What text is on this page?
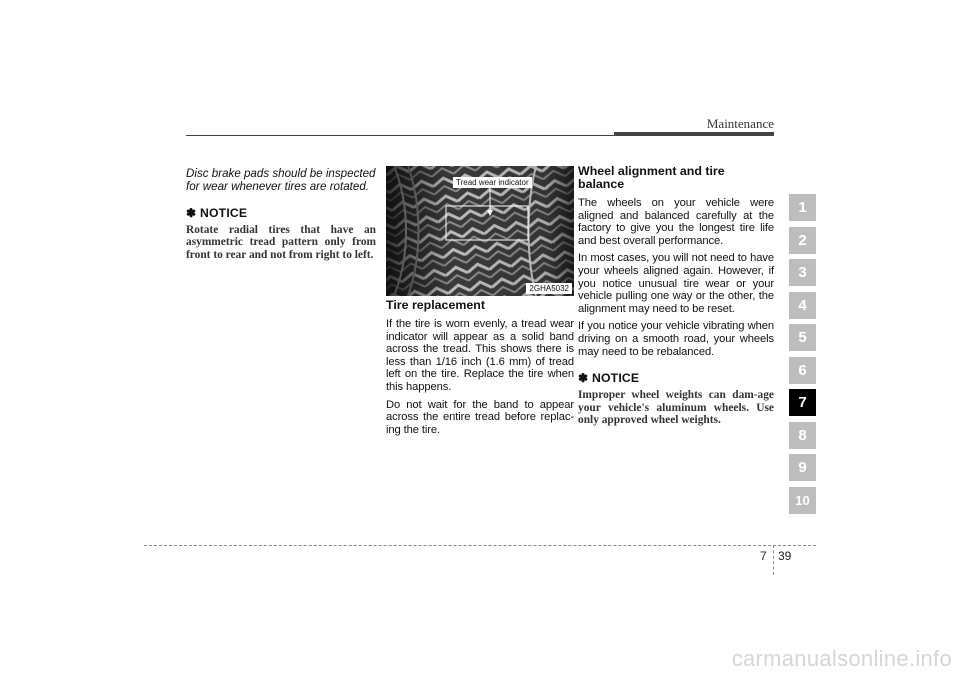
Maintenance

Disc brake pads should be inspected for wear whenever tires are rotated.

✽ NOTICE

Rotate radial tires that have an asymmetric tread pattern only from front to rear and not from right to left.

Tread wear indicator
2GHA5032
Tire replacement

If the tire is worn evenly, a tread wear indicator will appear as a solid band across the tread. This shows there is less than 1/16 inch (1.6 mm) of tread left on the tire. Replace the tire when this happens.

Do not wait for the band to appear across the entire tread before replac-ing the tire.

Wheel alignment and tire balance

The wheels on your vehicle were aligned and balanced carefully at the factory to give you the longest tire life and best overall performance.

In most cases, you will not need to have your wheels aligned again. However, if you notice unusual tire wear or your vehicle pulling one way or the other, the alignment may need to be reset.

If you notice your vehicle vibrating when driving on a smooth road, your wheels may need to be rebalanced.

✽ NOTICE

Improper wheel weights can dam-age your vehicle's aluminum wheels. Use only approved wheel weights.

1
2
3
4
5
6
7
8
9
10
7 39
carmanualsonline.info
